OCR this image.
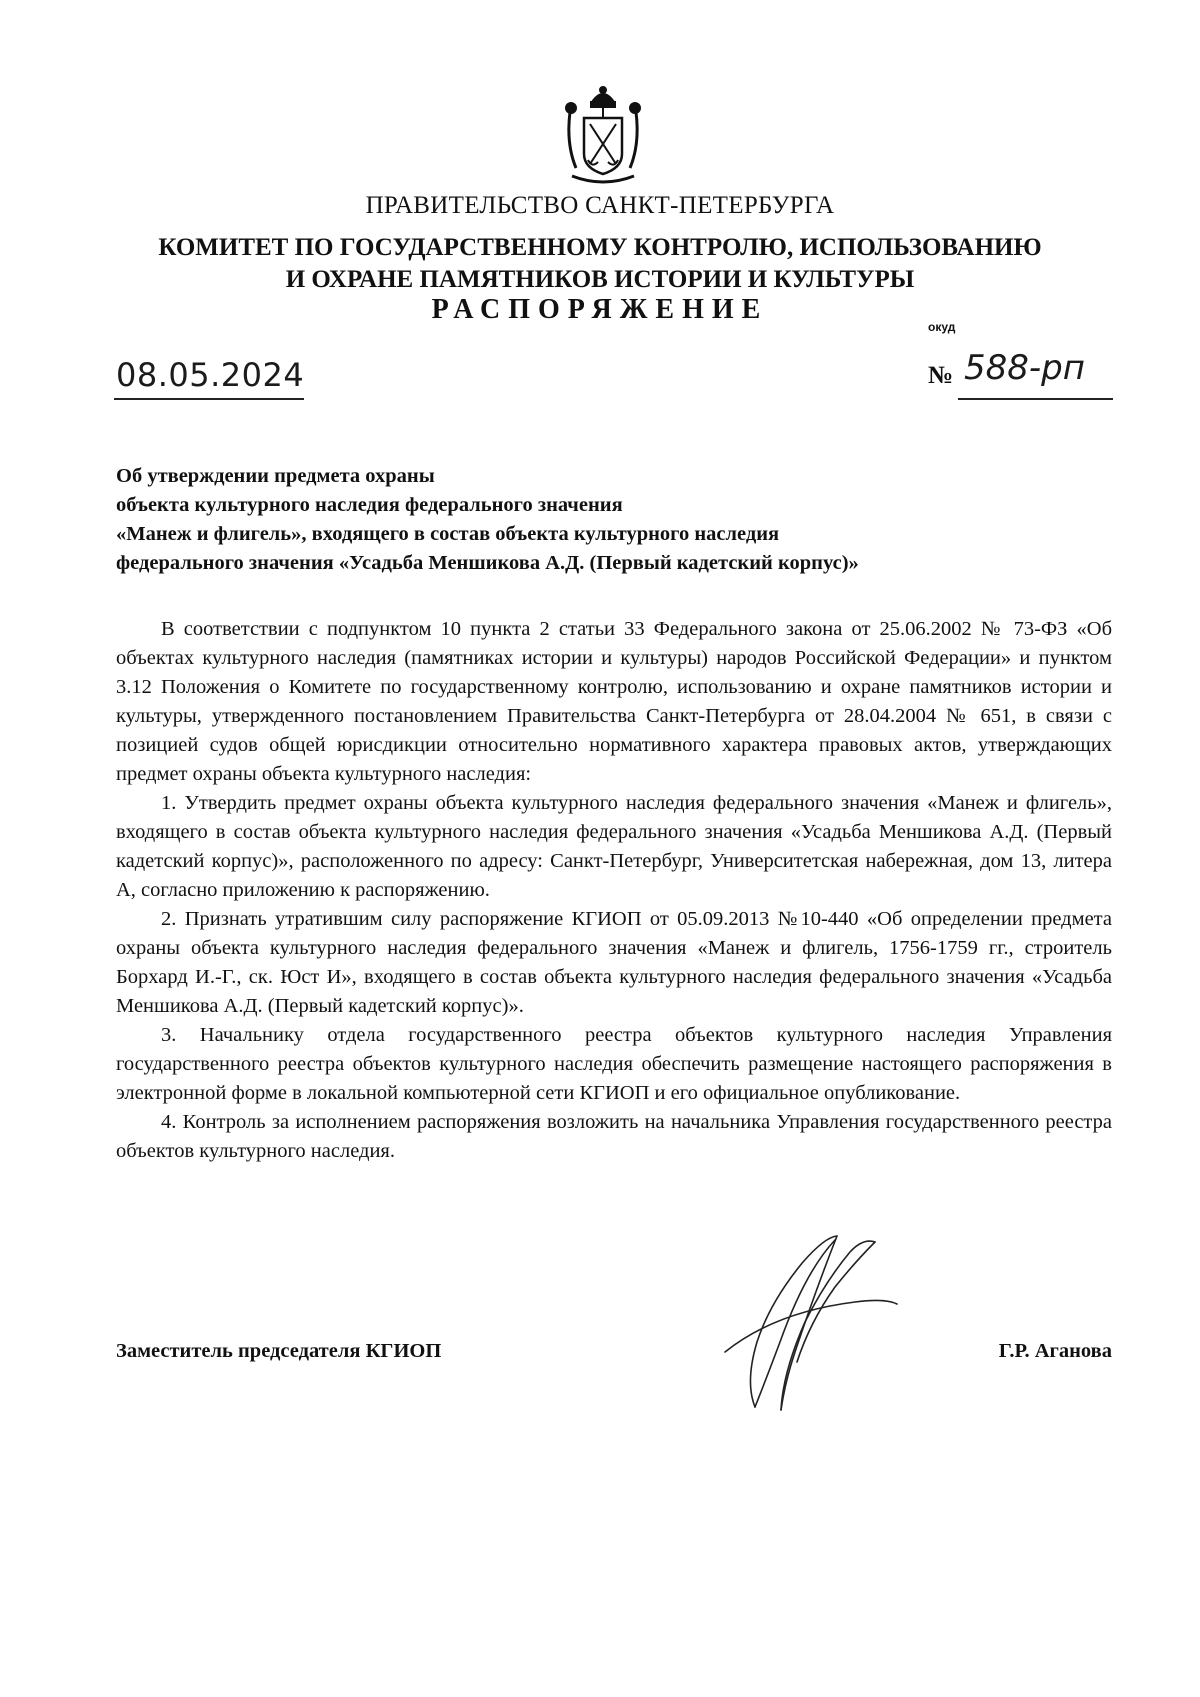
ПРАВИТЕЛЬСТВО САНКТ-ПЕТЕРБУРГА
КОМИТЕТ ПО ГОСУДАРСТВЕННОМУ КОНТРОЛЮ, ИСПОЛЬЗОВАНИЮ
И ОХРАНЕ ПАМЯТНИКОВ ИСТОРИИ И КУЛЬТУРЫ
РАСПОРЯЖЕНИЕ
окуд
08.05.2024	№ 588-рп
Об утверждении предмета охраны
объекта культурного наследия федерального значения
«Манеж и флигель», входящего в состав объекта культурного наследия
федерального значения «Усадьба Меншикова А.Д. (Первый кадетский корпус)»

В соответствии с подпунктом 10 пункта 2 статьи 33 Федерального закона от 25.06.2002 № 73-ФЗ «Об объектах культурного наследия (памятниках истории и культуры) народов Российской Федерации» и пунктом 3.12 Положения о Комитете по государственному контролю, использованию и охране памятников истории и культуры, утвержденного постановлением Правительства Санкт-Петербурга от 28.04.2004 № 651, в связи с позицией судов общей юрисдикции относительно нормативного характера правовых актов, утверждающих предмет охраны объекта культурного наследия:

1. Утвердить предмет охраны объекта культурного наследия федерального значения «Манеж и флигель», входящего в состав объекта культурного наследия федерального значения «Усадьба Меншикова А.Д. (Первый кадетский корпус)», расположенного по адресу: Санкт-Петербург, Университетская набережная, дом 13, литера А, согласно приложению к распоряжению.

2. Признать утратившим силу распоряжение КГИОП от 05.09.2013 №10-440 «Об определении предмета охраны объекта культурного наследия федерального значения «Манеж и флигель, 1756-1759 гг., строитель Борхард И.-Г., ск. Юст И», входящего в состав объекта культурного наследия федерального значения «Усадьба Меншикова А.Д. (Первый кадетский корпус)».

3. Начальнику отдела государственного реестра объектов культурного наследия Управления государственного реестра объектов культурного наследия обеспечить размещение настоящего распоряжения в электронной форме в локальной компьютерной сети КГИОП и его официальное опубликование.

4. Контроль за исполнением распоряжения возложить на начальника Управления государственного реестра объектов культурного наследия.

Заместитель председателя КГИОП	Г.Р. Аганова
